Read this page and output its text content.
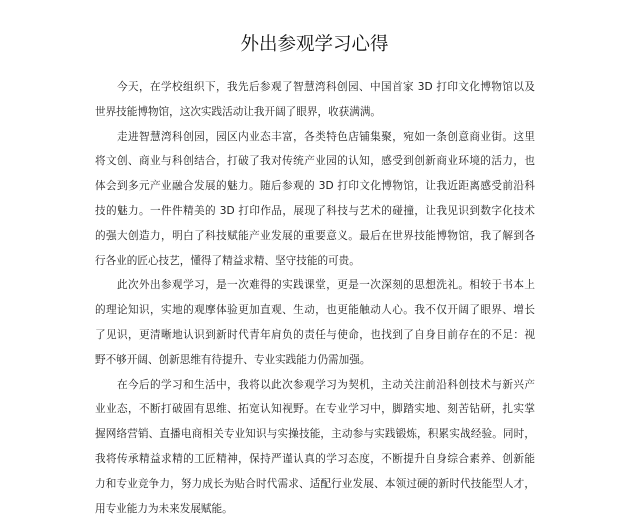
外出参观学习心得
今天，在学校组织下，我先后参观了智慧湾科创园、中国首家 3D 打印文化博物馆以及
世界技能博物馆，这次实践活动让我开阔了眼界，收获满满。
走进智慧湾科创园，园区内业态丰富，各类特色店铺集聚，宛如一条创意商业街。这里
将文创、商业与科创结合，打破了我对传统产业园的认知，感受到创新商业环境的活力，也
体会到多元产业融合发展的魅力。随后参观的 3D 打印文化博物馆，让我近距离感受前沿科
技的魅力。一件件精美的 3D 打印作品，展现了科技与艺术的碰撞，让我见识到数字化技术
的强大创造力，明白了科技赋能产业发展的重要意义。最后在世界技能博物馆，我了解到各
行各业的匠心技艺，懂得了精益求精、坚守技能的可贵。
此次外出参观学习，是一次难得的实践课堂，更是一次深刻的思想洗礼。相较于书本上
的理论知识，实地的观摩体验更加直观、生动，也更能触动人心。我不仅开阔了眼界、增长
了见识，更清晰地认识到新时代青年肩负的责任与使命，也找到了自身目前存在的不足：视
野不够开阔、创新思维有待提升、专业实践能力仍需加强。
在今后的学习和生活中，我将以此次参观学习为契机，主动关注前沿科创技术与新兴产
业业态，不断打破固有思维、拓宽认知视野。在专业学习中，脚踏实地、刻苦钻研，扎实掌
握网络营销、直播电商相关专业知识与实操技能，主动参与实践锻炼，积累实战经验。同时，
我将传承精益求精的工匠精神，保持严谨认真的学习态度，不断提升自身综合素养、创新能
力和专业竞争力，努力成长为贴合时代需求、适配行业发展、本领过硬的新时代技能型人才，
用专业能力为未来发展赋能。
